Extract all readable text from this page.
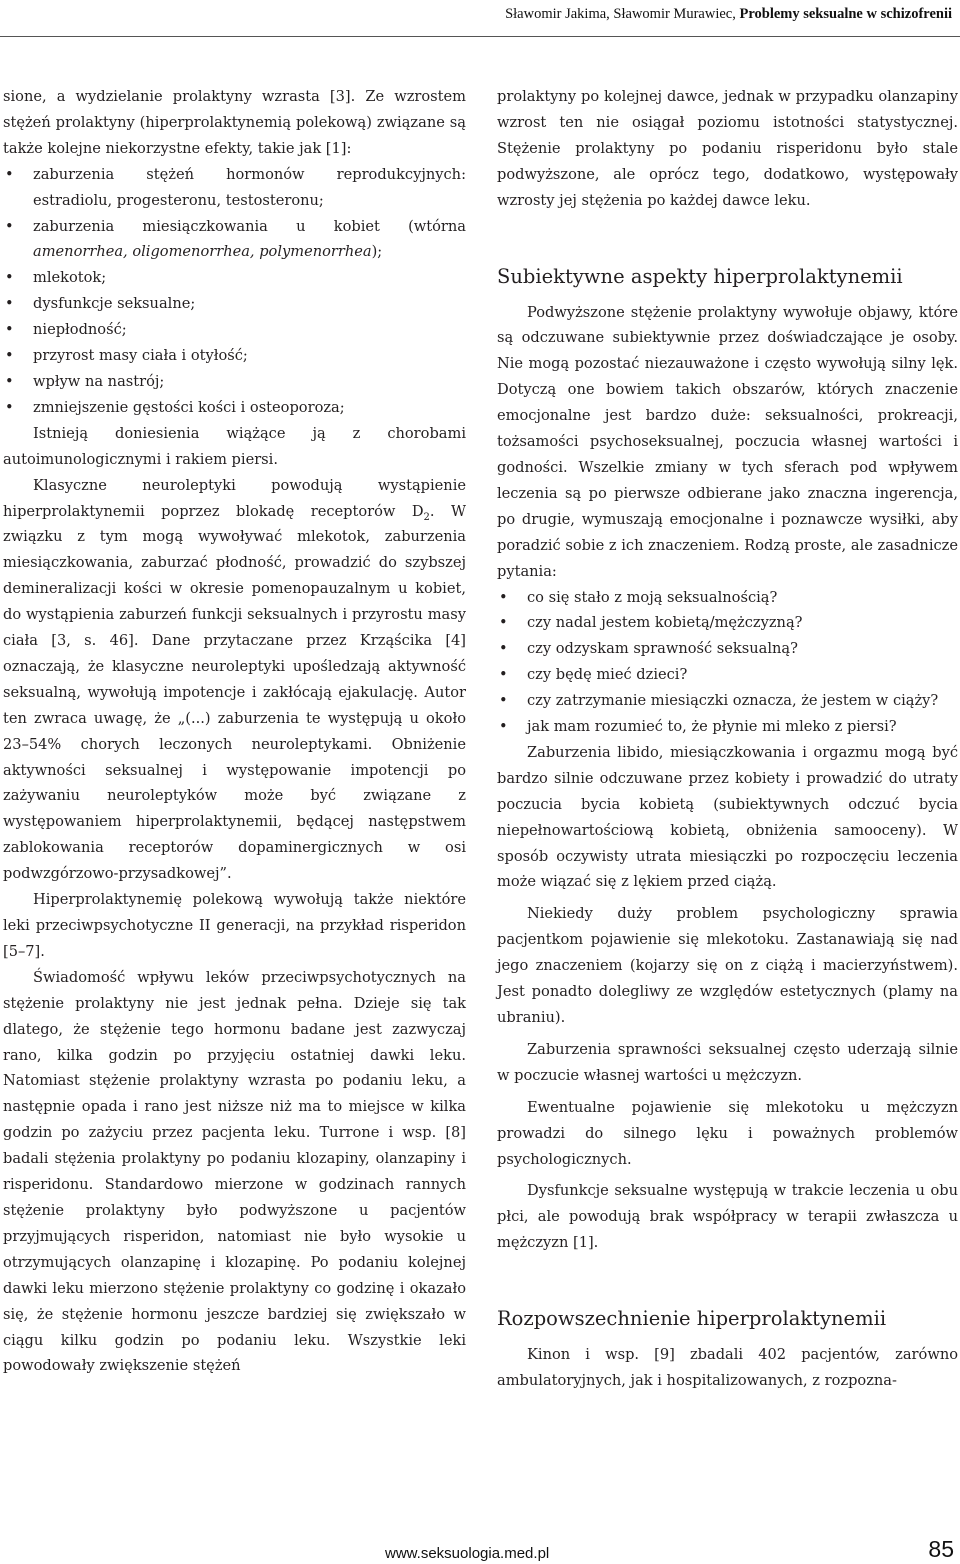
Sławomir Jakima, Sławomir Murawiec, Problemy seksualne w schizofrenii

sione, a wydzielanie prolaktyny wzrasta [3]. Ze wzrostem stężeń prolaktyny (hiperprolaktynemią polekową) związane są także kolejne niekorzystne efekty, takie jak [1]:

• zaburzenia stężeń hormonów reprodukcyjnych: estradiolu, progesteronu, testosteronu;
• zaburzenia miesiączkowania u kobiet (wtórna amenorrhea, oligomenorrhea, polymenorrhea);
• mlekotok;
• dysfunkcje seksualne;
• niepłodność;
• przyrost masy ciała i otyłość;
• wpływ na nastrój;
• zmniejszenie gęstości kości i osteoporoza;

Istnieją doniesienia wiążące ją z chorobami autoimunologicznymi i rakiem piersi.

Klasyczne neuroleptyki powodują wystąpienie hiperprolaktynemii poprzez blokadę receptorów $D_2$. W związku z tym mogą wywoływać mlekotok, zaburzenia miesiączkowania, zaburzać płodność, prowadzić do szybszej demineralizacji kości w okresie pomenopauzalnym u kobiet, do wystąpienia zaburzeń funkcji seksualnych i przyrostu masy ciała [3, s. 46]. Dane przytaczane przez Krząścika [4] oznaczają, że klasyczne neuroleptyki upośledzają aktywność seksualną, wywołują impotencje i zakłócają ejakulację. Autor ten zwraca uwagę, że „(...) zaburzenia te występują u około 23–54% chorych leczonych neuroleptykami. Obniżenie aktywności seksualnej i występowanie impotencji po zażywaniu neuroleptyków może być związane z występowaniem hiperprolaktynemii, będącej następstwem zablokowania receptorów dopaminergicznych w osi podwzgórzowo-przysadkowej”.

Hiperprolaktynemię polekową wywołują także niektóre leki przeciwpsychotyczne II generacji, na przykład risperidon [5–7].

Świadomość wpływu leków przeciwpsychotycznych na stężenie prolaktyny nie jest jednak pełna. Dzieje się tak dlatego, że stężenie tego hormonu badane jest zazwyczaj rano, kilka godzin po przyjęciu ostatniej dawki leku. Natomiast stężenie prolaktyny wzrasta po podaniu leku, a następnie opada i rano jest niższe niż ma to miejsce w kilka godzin po zażyciu przez pacjenta leku. Turrone i wsp. [8] badali stężenia prolaktyny po podaniu klozapiny, olanzapiny i risperidonu. Standardowo mierzone w godzinach rannych stężenie prolaktyny było podwyższone u pacjentów przyjmujących risperidon, natomiast nie było wysokie u otrzymujących olanzapinę i klozapinę. Po podaniu kolejnej dawki leku mierzono stężenie prolaktyny co godzinę i okazało się, że stężenie hormonu jeszcze bardziej się zwiększało w ciągu kilku godzin po podaniu leku. Wszystkie leki powodowały zwiększenie stężeń

prolaktyny po kolejnej dawce, jednak w przypadku olanzapiny wzrost ten nie osiągał poziomu istotności statystycznej. Stężenie prolaktyny po podaniu risperidonu było stale podwyższone, ale oprócz tego, dodatkowo, występowały wzrosty jej stężenia po każdej dawce leku.

Subiektywne aspekty hiperprolaktynemii

Podwyższone stężenie prolaktyny wywołuje objawy, które są odczuwane subiektywnie przez doświadczające je osoby. Nie mogą pozostać niezauważone i często wywołują silny lęk. Dotyczą one bowiem takich obszarów, których znaczenie emocjonalne jest bardzo duże: seksualności, prokreacji, tożsamości psychoseksualnej, poczucia własnej wartości i godności. Wszelkie zmiany w tych sferach pod wpływem leczenia są po pierwsze odbierane jako znaczna ingerencja, po drugie, wymuszają emocjonalne i poznawcze wysiłki, aby poradzić sobie z ich znaczeniem. Rodzą proste, ale zasadnicze pytania:

• co się stało z moją seksualnością?
• czy nadal jestem kobietą/mężczyzną?
• czy odzyskam sprawność seksualną?
• czy będę mieć dzieci?
• czy zatrzymanie miesiączki oznacza, że jestem w ciąży?
• jak mam rozumieć to, że płynie mi mleko z piersi?

Zaburzenia libido, miesiączkowania i orgazmu mogą być bardzo silnie odczuwane przez kobiety i prowadzić do utraty poczucia bycia kobietą (subiektywnych odczuć bycia niepełnowartościową kobietą, obniżenia samooceny). W sposób oczywisty utrata miesiączki po rozpoczęciu leczenia może wiązać się z lękiem przed ciążą.

Niekiedy duży problem psychologiczny sprawia pacjentkom pojawienie się mlekotoku. Zastanawiają się nad jego znaczeniem (kojarzy się on z ciążą i macierzyństwem). Jest ponadto dolegliwy ze względów estetycznych (plamy na ubraniu).

Zaburzenia sprawności seksualnej często uderzają silnie w poczucie własnej wartości u mężczyzn.

Ewentualne pojawienie się mlekotoku u mężczyzn prowadzi do silnego lęku i poważnych problemów psychologicznych.

Dysfunkcje seksualne występują w trakcie leczenia u obu płci, ale powodują brak współpracy w terapii zwłaszcza u mężczyzn [1].

Rozpowszechnienie hiperprolaktynemii

Kinon i wsp. [9] zbadali 402 pacjentów, zarówno ambulatoryjnych, jak i hospitalizowanych, z rozpozna-

www.seksuologia.med.pl	85
